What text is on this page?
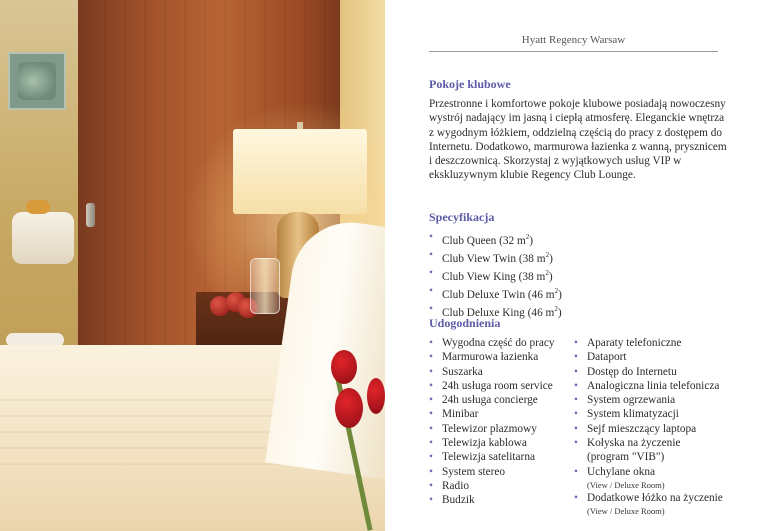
Hyatt Regency Warsaw
Pokoje klubowe
Przestronne i komfortowe pokoje klubowe posiadają nowoczesny wystrój nadający im jasną i ciepłą atmosferę. Eleganckie wnętrza z wygodnym łóżkiem, oddzielną częścią do pracy z dostępem do Internetu. Dodatkowo, marmurowa łazienka z wanną, prysznicem i deszczownicą. Skorzystaj z wyjątkowych usług VIP w ekskluzywnym klubie Regency Club Lounge.
Specyfikacja
• Club Queen (32 $m^2$)
• Club View Twin (38 $m^2$)
• Club View King (38 $m^2$)
• Club Deluxe Twin (46 $m^2$)
• Club Deluxe King (46 $m^2$)
Udogodnienia
• Wygodna część do pracy
• Marmurowa łazienka
• Suszarka
• 24h usługa room service
• 24h usługa concierge
• Minibar
• Telewizor plazmowy
• Telewizja kablowa
• Telewizja satelitarna
• System stereo
• Radio
• Budzik
• Aparaty telefoniczne
• Dataport
• Dostęp do Internetu
• Analogiczna linia telefonicza
• System ogrzewania
• System klimatyzacji
• Sejf mieszczący laptopa
• Kołyska na życzenie
(program "VIB")
• Uchylane okna
(View / Deluxe Room)
• Dodatkowe łóżko na życzenie
(View / Deluxe Room)
